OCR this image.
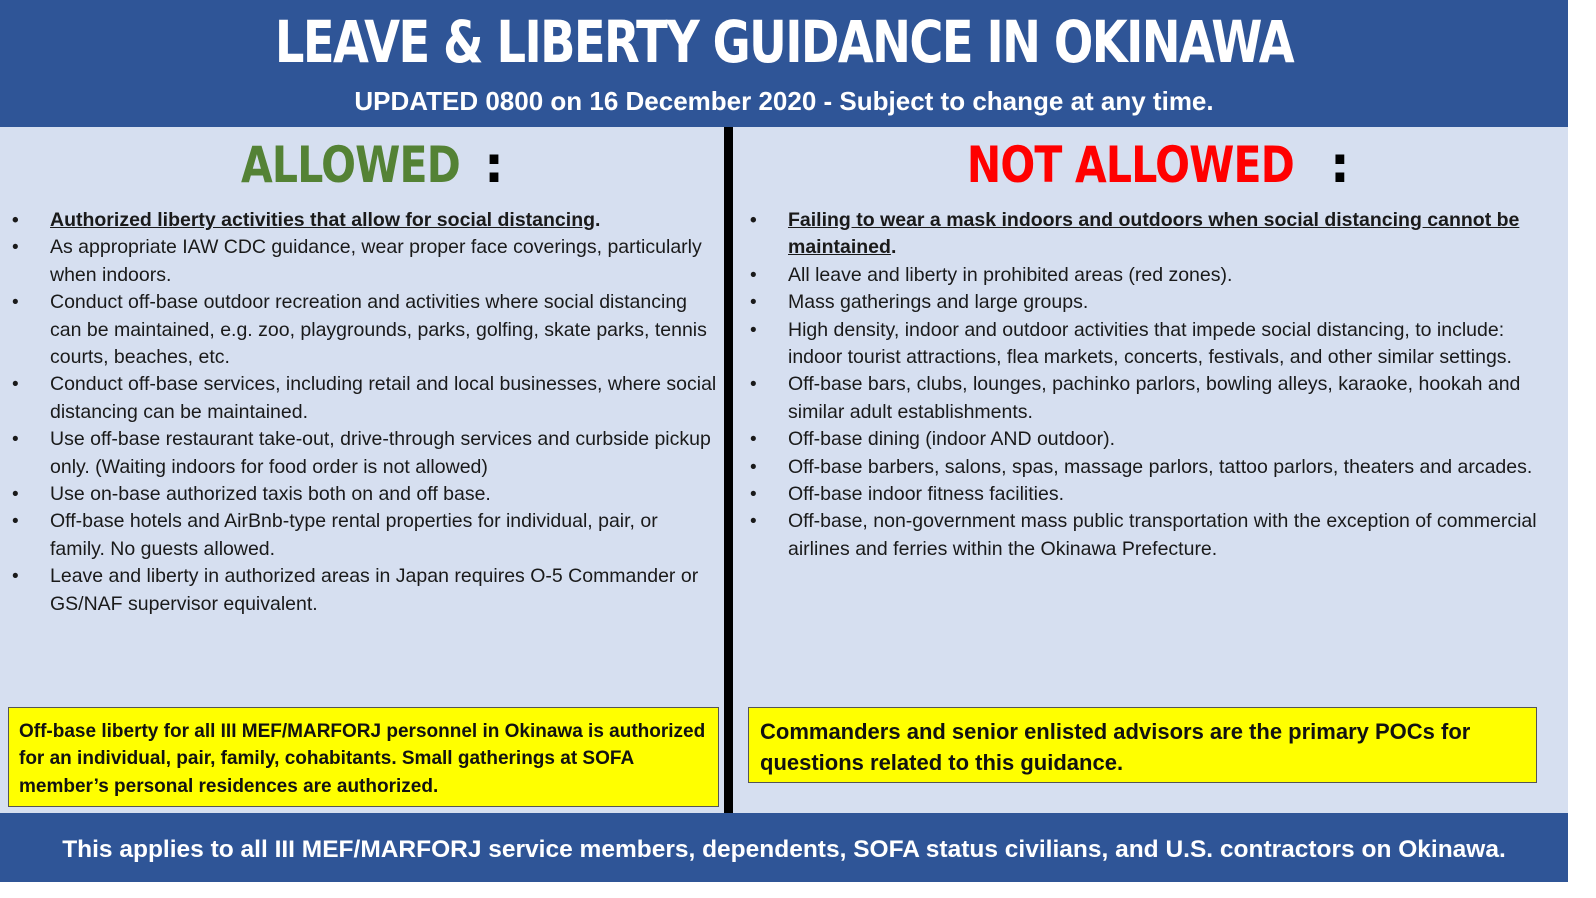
LEAVE & LIBERTY GUIDANCE IN OKINAWA
UPDATED 0800 on 16 December 2020 - Subject to change at any time.
ALLOWED :
• Authorized liberty activities that allow for social distancing.
• As appropriate IAW CDC guidance, wear proper face coverings, particularly when indoors.
• Conduct off-base outdoor recreation and activities where social distancing can be maintained, e.g. zoo, playgrounds, parks, golfing, skate parks, tennis courts, beaches, etc.
• Conduct off-base services, including retail and local businesses, where social distancing can be maintained.
• Use off-base restaurant take-out, drive-through services and curbside pickup only. (Waiting indoors for food order is not allowed)
• Use on-base authorized taxis both on and off base.
• Off-base hotels and AirBnb-type rental properties for individual, pair, or family. No guests allowed.
• Leave and liberty in authorized areas in Japan requires O-5 Commander or GS/NAF supervisor equivalent.
NOT ALLOWED :
• Failing to wear a mask indoors and outdoors when social distancing cannot be maintained.
• All leave and liberty in prohibited areas (red zones).
• Mass gatherings and large groups.
• High density, indoor and outdoor activities that impede social distancing, to include: indoor tourist attractions, flea markets, concerts, festivals, and other similar settings.
• Off-base bars, clubs, lounges, pachinko parlors, bowling alleys, karaoke, hookah and similar adult establishments.
• Off-base dining (indoor AND outdoor).
• Off-base barbers, salons, spas, massage parlors, tattoo parlors, theaters and arcades.
• Off-base indoor fitness facilities.
• Off-base, non-government mass public transportation with the exception of commercial airlines and ferries within the Okinawa Prefecture.
Off-base liberty for all III MEF/MARFORJ personnel in Okinawa is authorized for an individual, pair, family, cohabitants. Small gatherings at SOFA member’s personal residences are authorized.
Commanders and senior enlisted advisors are the primary POCs for questions related to this guidance.
This applies to all III MEF/MARFORJ service members, dependents, SOFA status civilians, and U.S. contractors on Okinawa.
